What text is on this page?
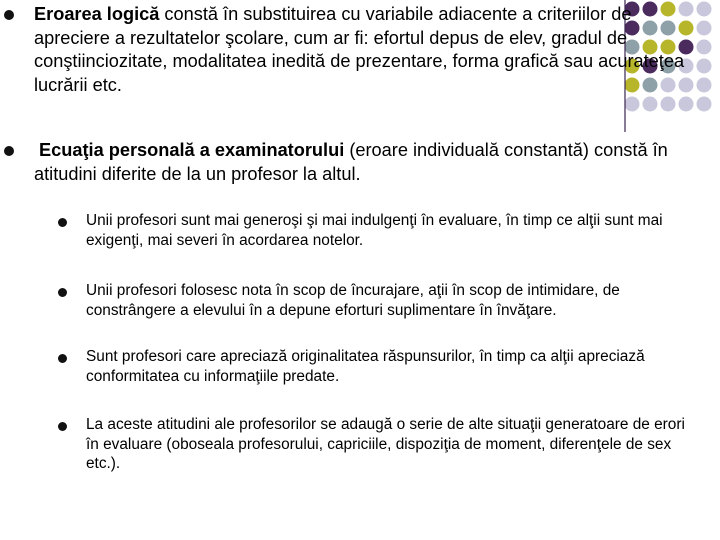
Eroarea logică constă în substituirea cu variabile adiacente a criteriilor de apreciere a rezultatelor şcolare, cum ar fi: efortul depus de elev, gradul de conştiinciozitate, modalitatea inedită de prezentare, forma grafică sau acurateţea lucrării etc.

Ecuaţia personală a examinatorului (eroare individuală constantă) constă în atitudini diferite de la un profesor la altul.

Unii profesori sunt mai generoşi şi mai indulgenţi în evaluare, în timp ce alţii sunt mai exigenţi, mai severi în acordarea notelor.

Unii profesori folosesc nota în scop de încurajare, aţii în scop de intimidare, de constrângere a elevului în a depune eforturi suplimentare în învăţare.

Sunt profesori care apreciază originalitatea răspunsurilor, în timp ca alţii apreciază conformitatea cu informaţiile predate.

La aceste atitudini ale profesorilor se adaugă o serie de alte situaţii generatoare de erori în evaluare (oboseala profesorului, capriciile, dispoziţia de moment, diferenţele de sex etc.).
